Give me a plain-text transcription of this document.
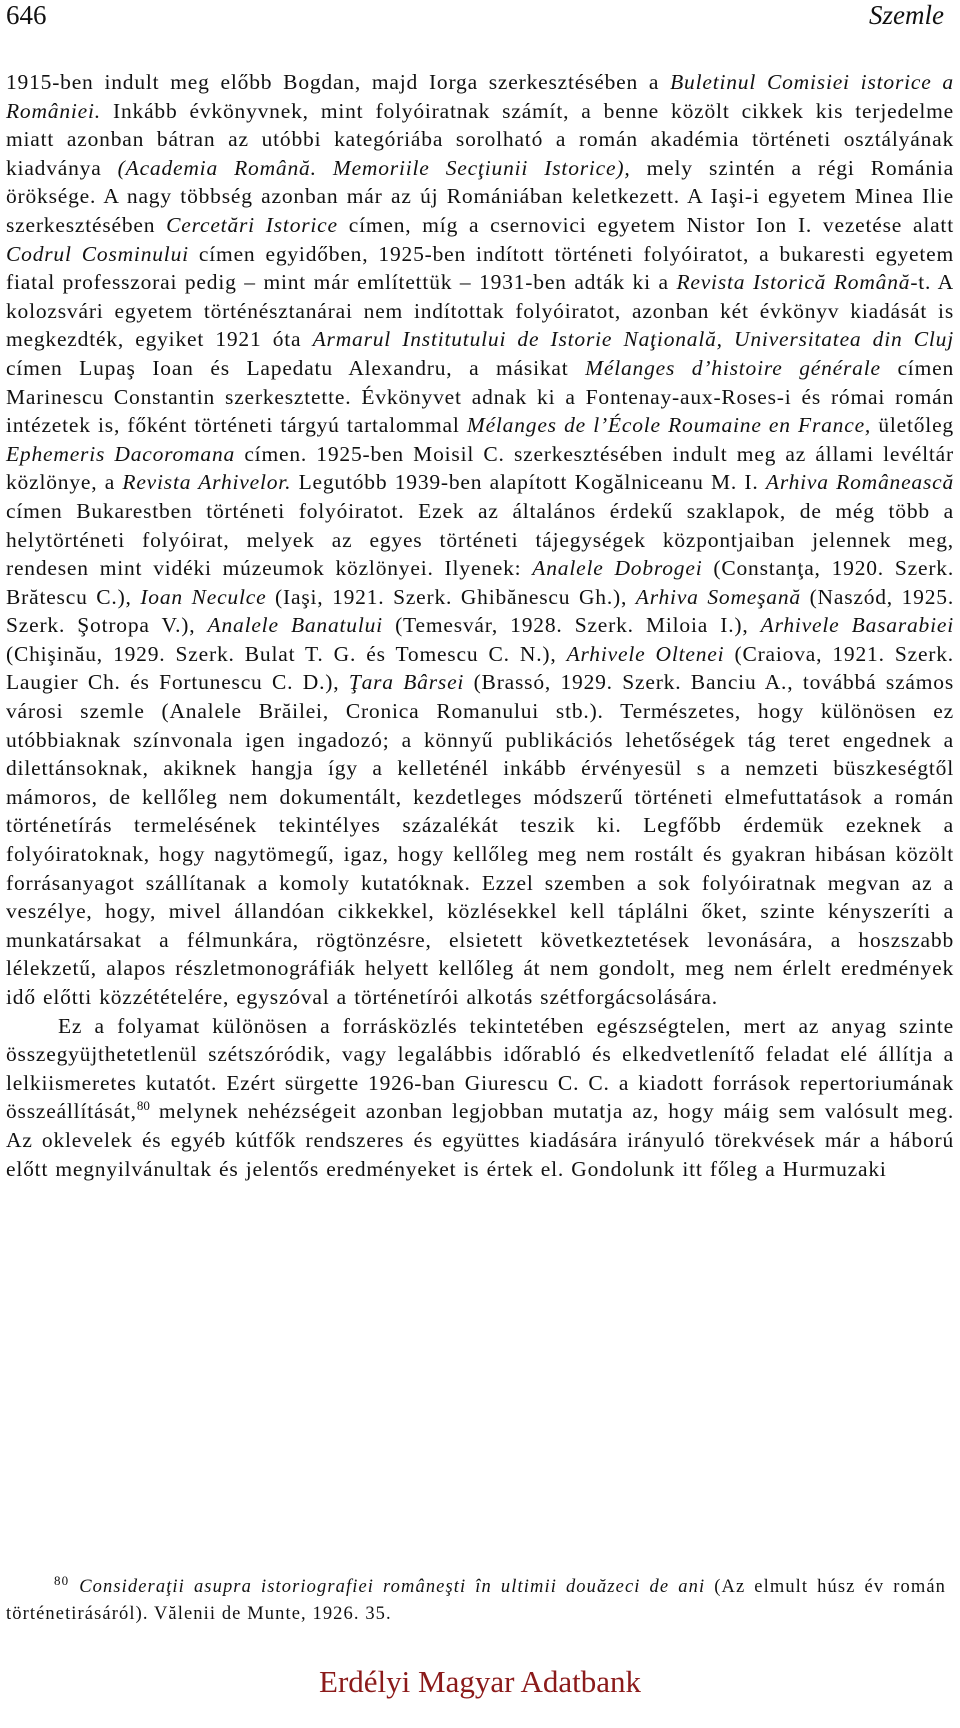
646	Szemle

1915-ben indult meg előbb Bogdan, majd Iorga szerkesztésében a Buletinul Comisiei istorice a României. Inkább évkönyvnek, mint folyóiratnak számít, a benne közölt cikkek kis terjedelme miatt azonban bátran az utóbbi kategóriába sorolható a román akadémia történeti osztályának kiadványa (Academia Română. Memoriile Secţiunii Istorice), mely szintén a régi Románia öröksége. A nagy többség azonban már az új Romániában keletkezett. A Iaşi-i egyetem Minea Ilie szerkesztésében Cercetări Istorice címen, míg a csernovici egyetem Nistor Ion I. vezetése alatt Codrul Cosminului címen egyidőben, 1925-ben indított történeti folyóiratot, a bukaresti egyetem fiatal professzorai pedig – mint már említettük – 1931-ben adták ki a Revista Istorică Română-t. A kolozsvári egyetem történésztanárai nem indítottak folyóiratot, azonban két évkönyv kiadását is megkezdték, egyiket 1921 óta Armarul Institutului de Istorie Naţională, Universitatea din Cluj címen Lupaş Ioan és Lapedatu Alexandru, a másikat Mélanges d’histoire générale címen Marinescu Constantin szerkesztette. Évkönyvet adnak ki a Fontenay-aux-Roses-i és római román intézetek is, főként történeti tárgyú tartalommal Mélanges de l’École Roumaine en France, ületőleg Ephemeris Dacoromana címen. 1925-ben Moisil C. szerkesztésében indult meg az állami levéltár közlönye, a Revista Arhivelor. Legutóbb 1939-ben alapított Kogălniceanu M. I. Arhiva Românească címen Bukarestben történeti folyóiratot. Ezek az általános érdekű szaklapok, de még több a helytörténeti folyóirat, melyek az egyes történeti tájegységek központjaiban jelennek meg, rendesen mint vidéki múzeumok közlönyei. Ilyenek: Analele Dobrogei (Constanţa, 1920. Szerk. Brătescu C.), Ioan Neculce (Iaşi, 1921. Szerk. Ghibănescu Gh.), Arhiva Someşană (Naszód, 1925. Szerk. Şotropa V.), Analele Banatului (Temesvár, 1928. Szerk. Miloia I.), Arhivele Basarabiei (Chişinău, 1929. Szerk. Bulat T. G. és Tomescu C. N.), Arhivele Oltenei (Craiova, 1921. Szerk. Laugier Ch. és Fortunescu C. D.), Ţara Bârsei (Brassó, 1929. Szerk. Banciu A., továbbá számos városi szemle (Analele Brăilei, Cronica Romanului stb.). Természetes, hogy különösen ez utóbbiaknak színvonala igen ingadozó; a könnyű publikációs lehetőségek tág teret engednek a dilettánsoknak, akiknek hangja így a kelleténél inkább érvényesül s a nemzeti büszkeségtől mámoros, de kellőleg nem dokumentált, kezdetleges módszerű történeti elmefuttatások a román történetírás termelésének tekintélyes százalékát teszik ki. Legfőbb érdemük ezeknek a folyóiratoknak, hogy nagytömegű, igaz, hogy kellőleg meg nem rostált és gyakran hibásan közölt forrásanyagot szállítanak a komoly kutatóknak. Ezzel szemben a sok folyóiratnak megvan az a veszélye, hogy, mivel állandóan cikkekkel, közlésekkel kell táplálni őket, szinte kényszeríti a munkatársakat a félmunkára, rögtönzésre, elsietett következtetések levonására, a hoszszabb lélekzetű, alapos részletmonográfiák helyett kellőleg át nem gondolt, meg nem érlelt eredmények idő előtti közzétételére, egyszóval a történetírói alkotás szétforgácsolására.

Ez a folyamat különösen a forrásközlés tekintetében egészségtelen, mert az anyag szinte összegyüjthetetlenül szétszóródik, vagy legalábbis időrabló és elkedvetlenítő feladat elé állítja a lelkiismeretes kutatót. Ezért sürgette 1926-ban Giurescu C. C. a kiadott források repertoriumának összeállítását,$^{80}$ melynek nehézségeit azonban legjobban mutatja az, hogy máig sem valósult meg. Az oklevelek és egyéb kútfők rendszeres és együttes kiadására irányuló törekvések már a háború előtt megnyilvánultak és jelentős eredményeket is értek el. Gondolunk itt főleg a Hurmuzaki

$^{80}$ Consideraţii asupra istoriografiei româneşti în ultimii douăzeci de ani (Az elmult húsz év román történetirásáról). Vălenii de Munte, 1926. 35.

Erdélyi Magyar Adatbank
